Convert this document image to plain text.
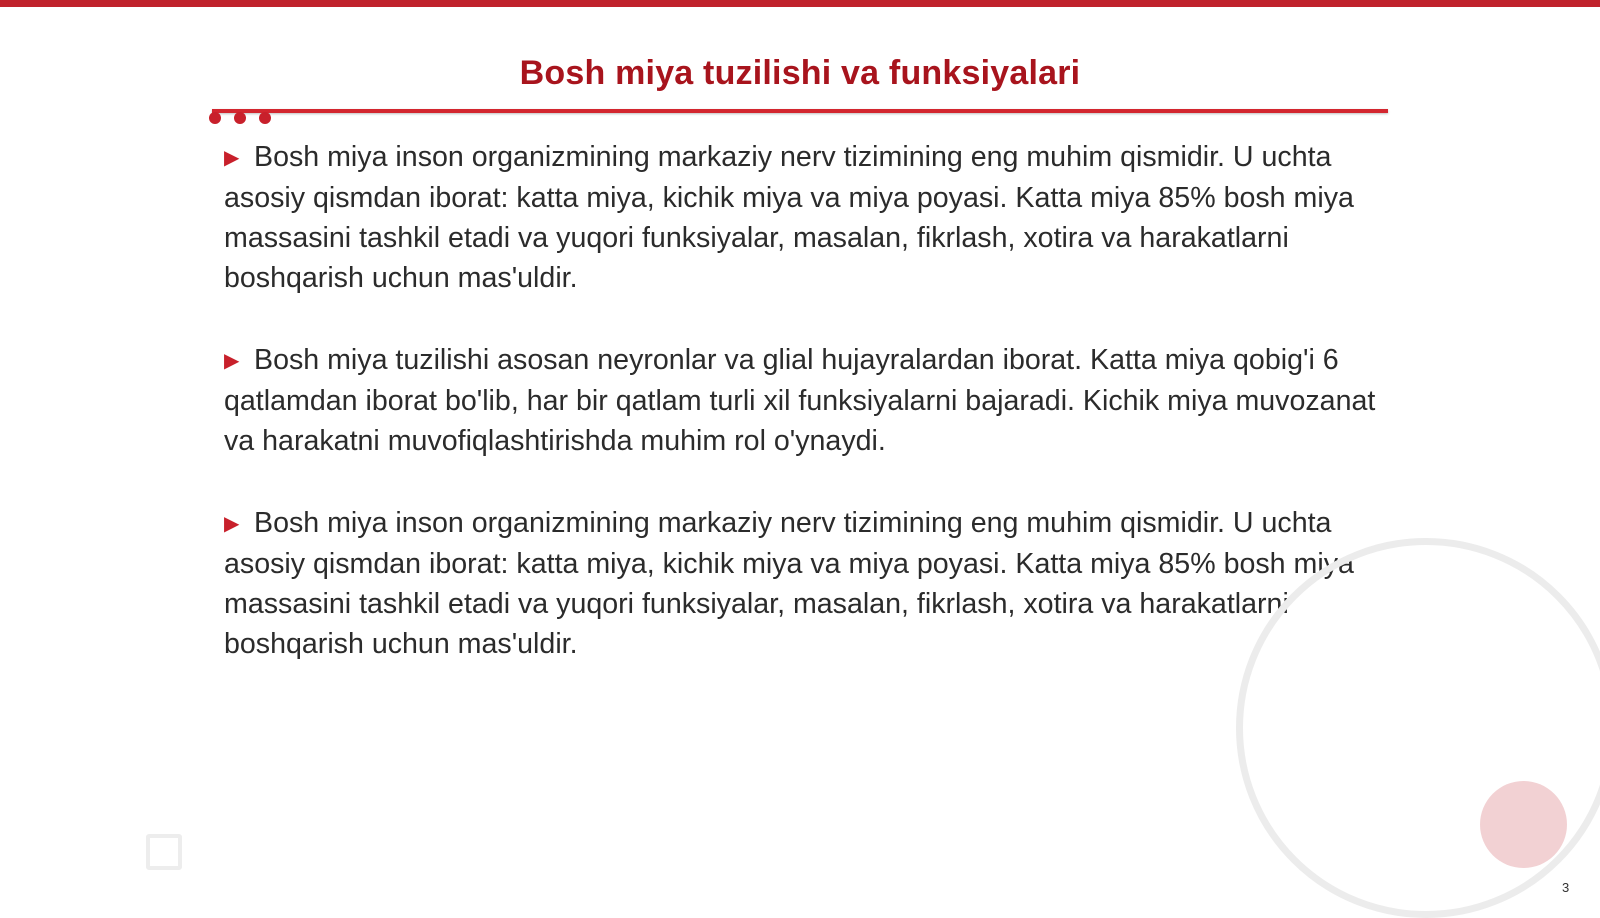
Bosh miya tuzilishi va funksiyalari

▶ Bosh miya inson organizmining markaziy nerv tizimining eng muhim qismidir. U uchta asosiy qismdan iborat: katta miya, kichik miya va miya poyasi. Katta miya 85% bosh miya massasini tashkil etadi va yuqori funksiyalar, masalan, fikrlash, xotira va harakatlarni boshqarish uchun mas'uldir.

▶ Bosh miya tuzilishi asosan neyronlar va glial hujayralardan iborat. Katta miya qobig'i 6 qatlamdan iborat bo'lib, har bir qatlam turli xil funksiyalarni bajaradi. Kichik miya muvozanat va harakatni muvofiqlashtirishda muhim rol o'ynaydi.

▶ Bosh miya inson organizmining markaziy nerv tizimining eng muhim qismidir. U uchta asosiy qismdan iborat: katta miya, kichik miya va miya poyasi. Katta miya 85% bosh miya massasini tashkil etadi va yuqori funksiyalar, masalan, fikrlash, xotira va harakatlarni boshqarish uchun mas'uldir.

3
